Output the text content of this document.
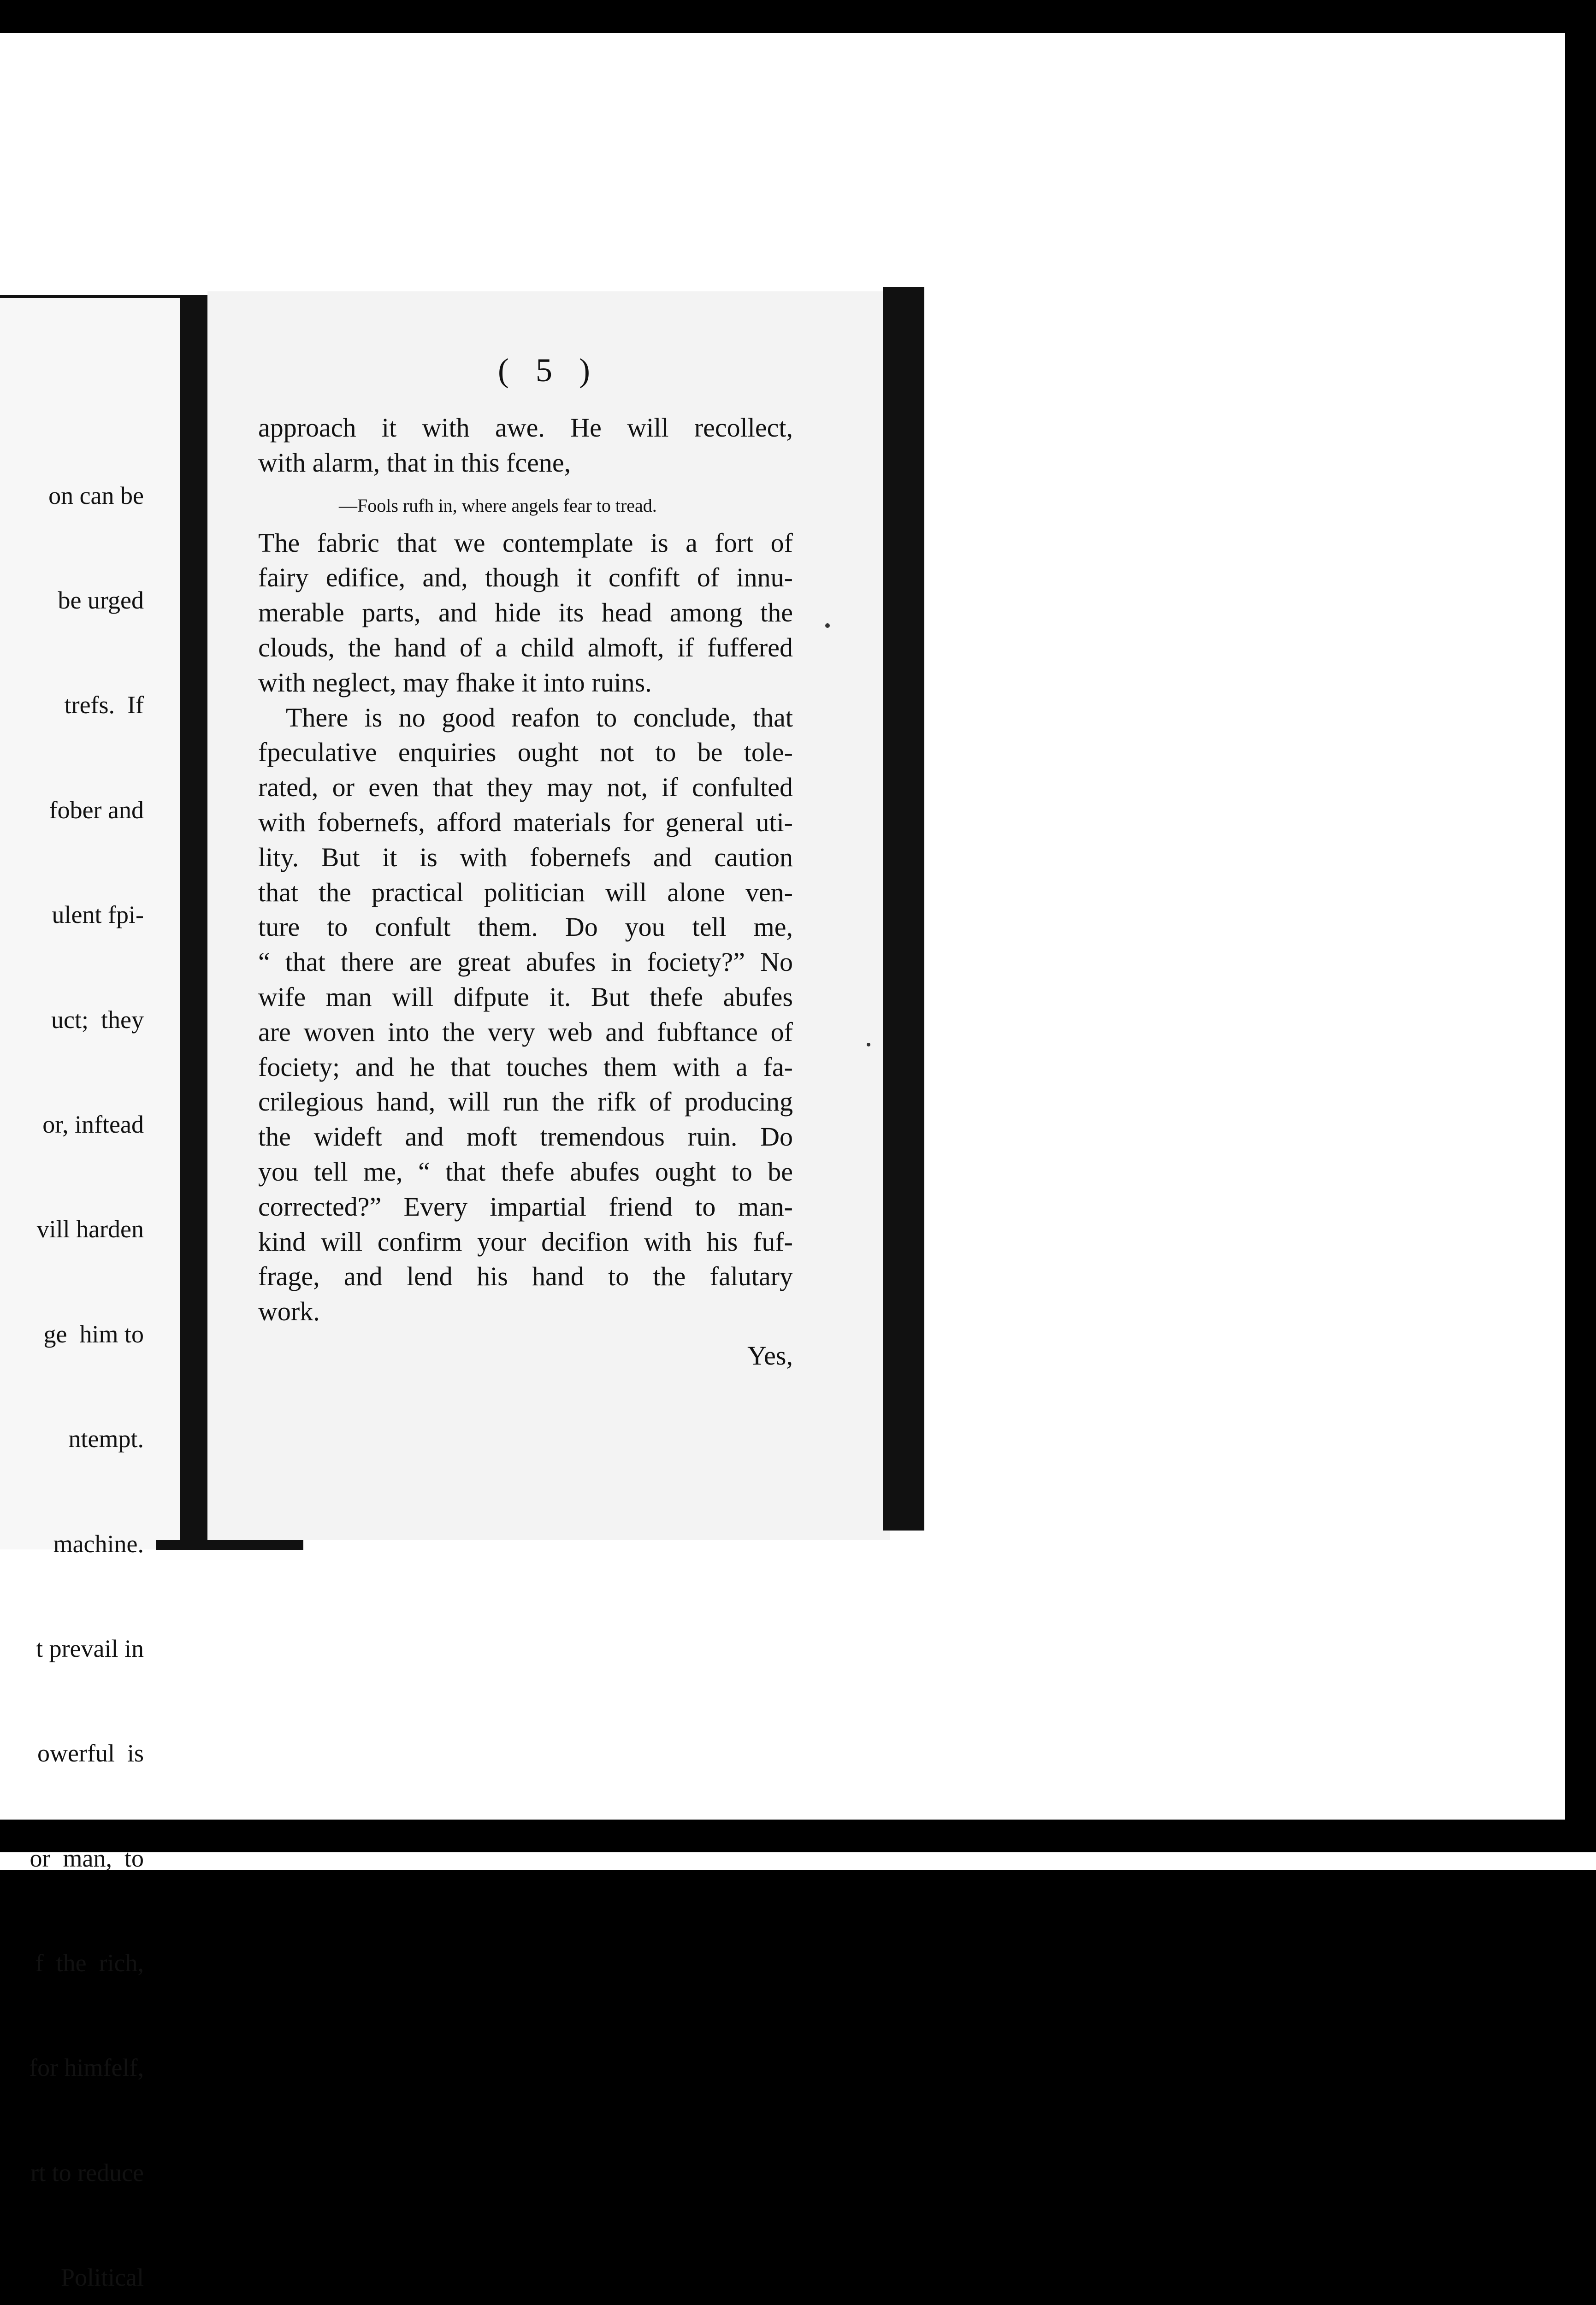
on can be

be urged

trefs.  If

fober and

ulent fpi-

uct;  they

or, inftead

vill harden

ge  him to

ntempt.

machine.

t prevail in

owerful  is

or  man,  to

f  the  rich,

for himfelf,

rt to reduce

Political

( 5 )
approach it with awe. He will recollect,
with alarm, that in this fcene,
—Fools rufh in, where angels fear to tread.
The fabric that we contemplate is a fort of
fairy edifice, and, though it confift of innu-
merable parts, and hide its head among the
clouds, the hand of a child almoft, if fuffered
with neglect, may fhake it into ruins.
There is no good reafon to conclude, that
fpeculative enquiries ought not to be tole-
rated, or even that they may not, if confulted
with fobernefs, afford materials for general uti-
lity. But it is with fobernefs and caution
that the practical politician will alone ven-
ture to confult them. Do you tell me,
“ that there are great abufes in fociety?” No
wife man will difpute it. But thefe abufes
are woven into the very web and fubftance of
fociety; and he that touches them with a fa-
crilegious hand, will run the rifk of producing
the wideft and moft tremendous ruin. Do
you tell me, “ that thefe abufes ought to be
corrected?” Every impartial friend to man-
kind will confirm your decifion with his fuf-
frage, and lend his hand to the falutary
work.
Yes,
